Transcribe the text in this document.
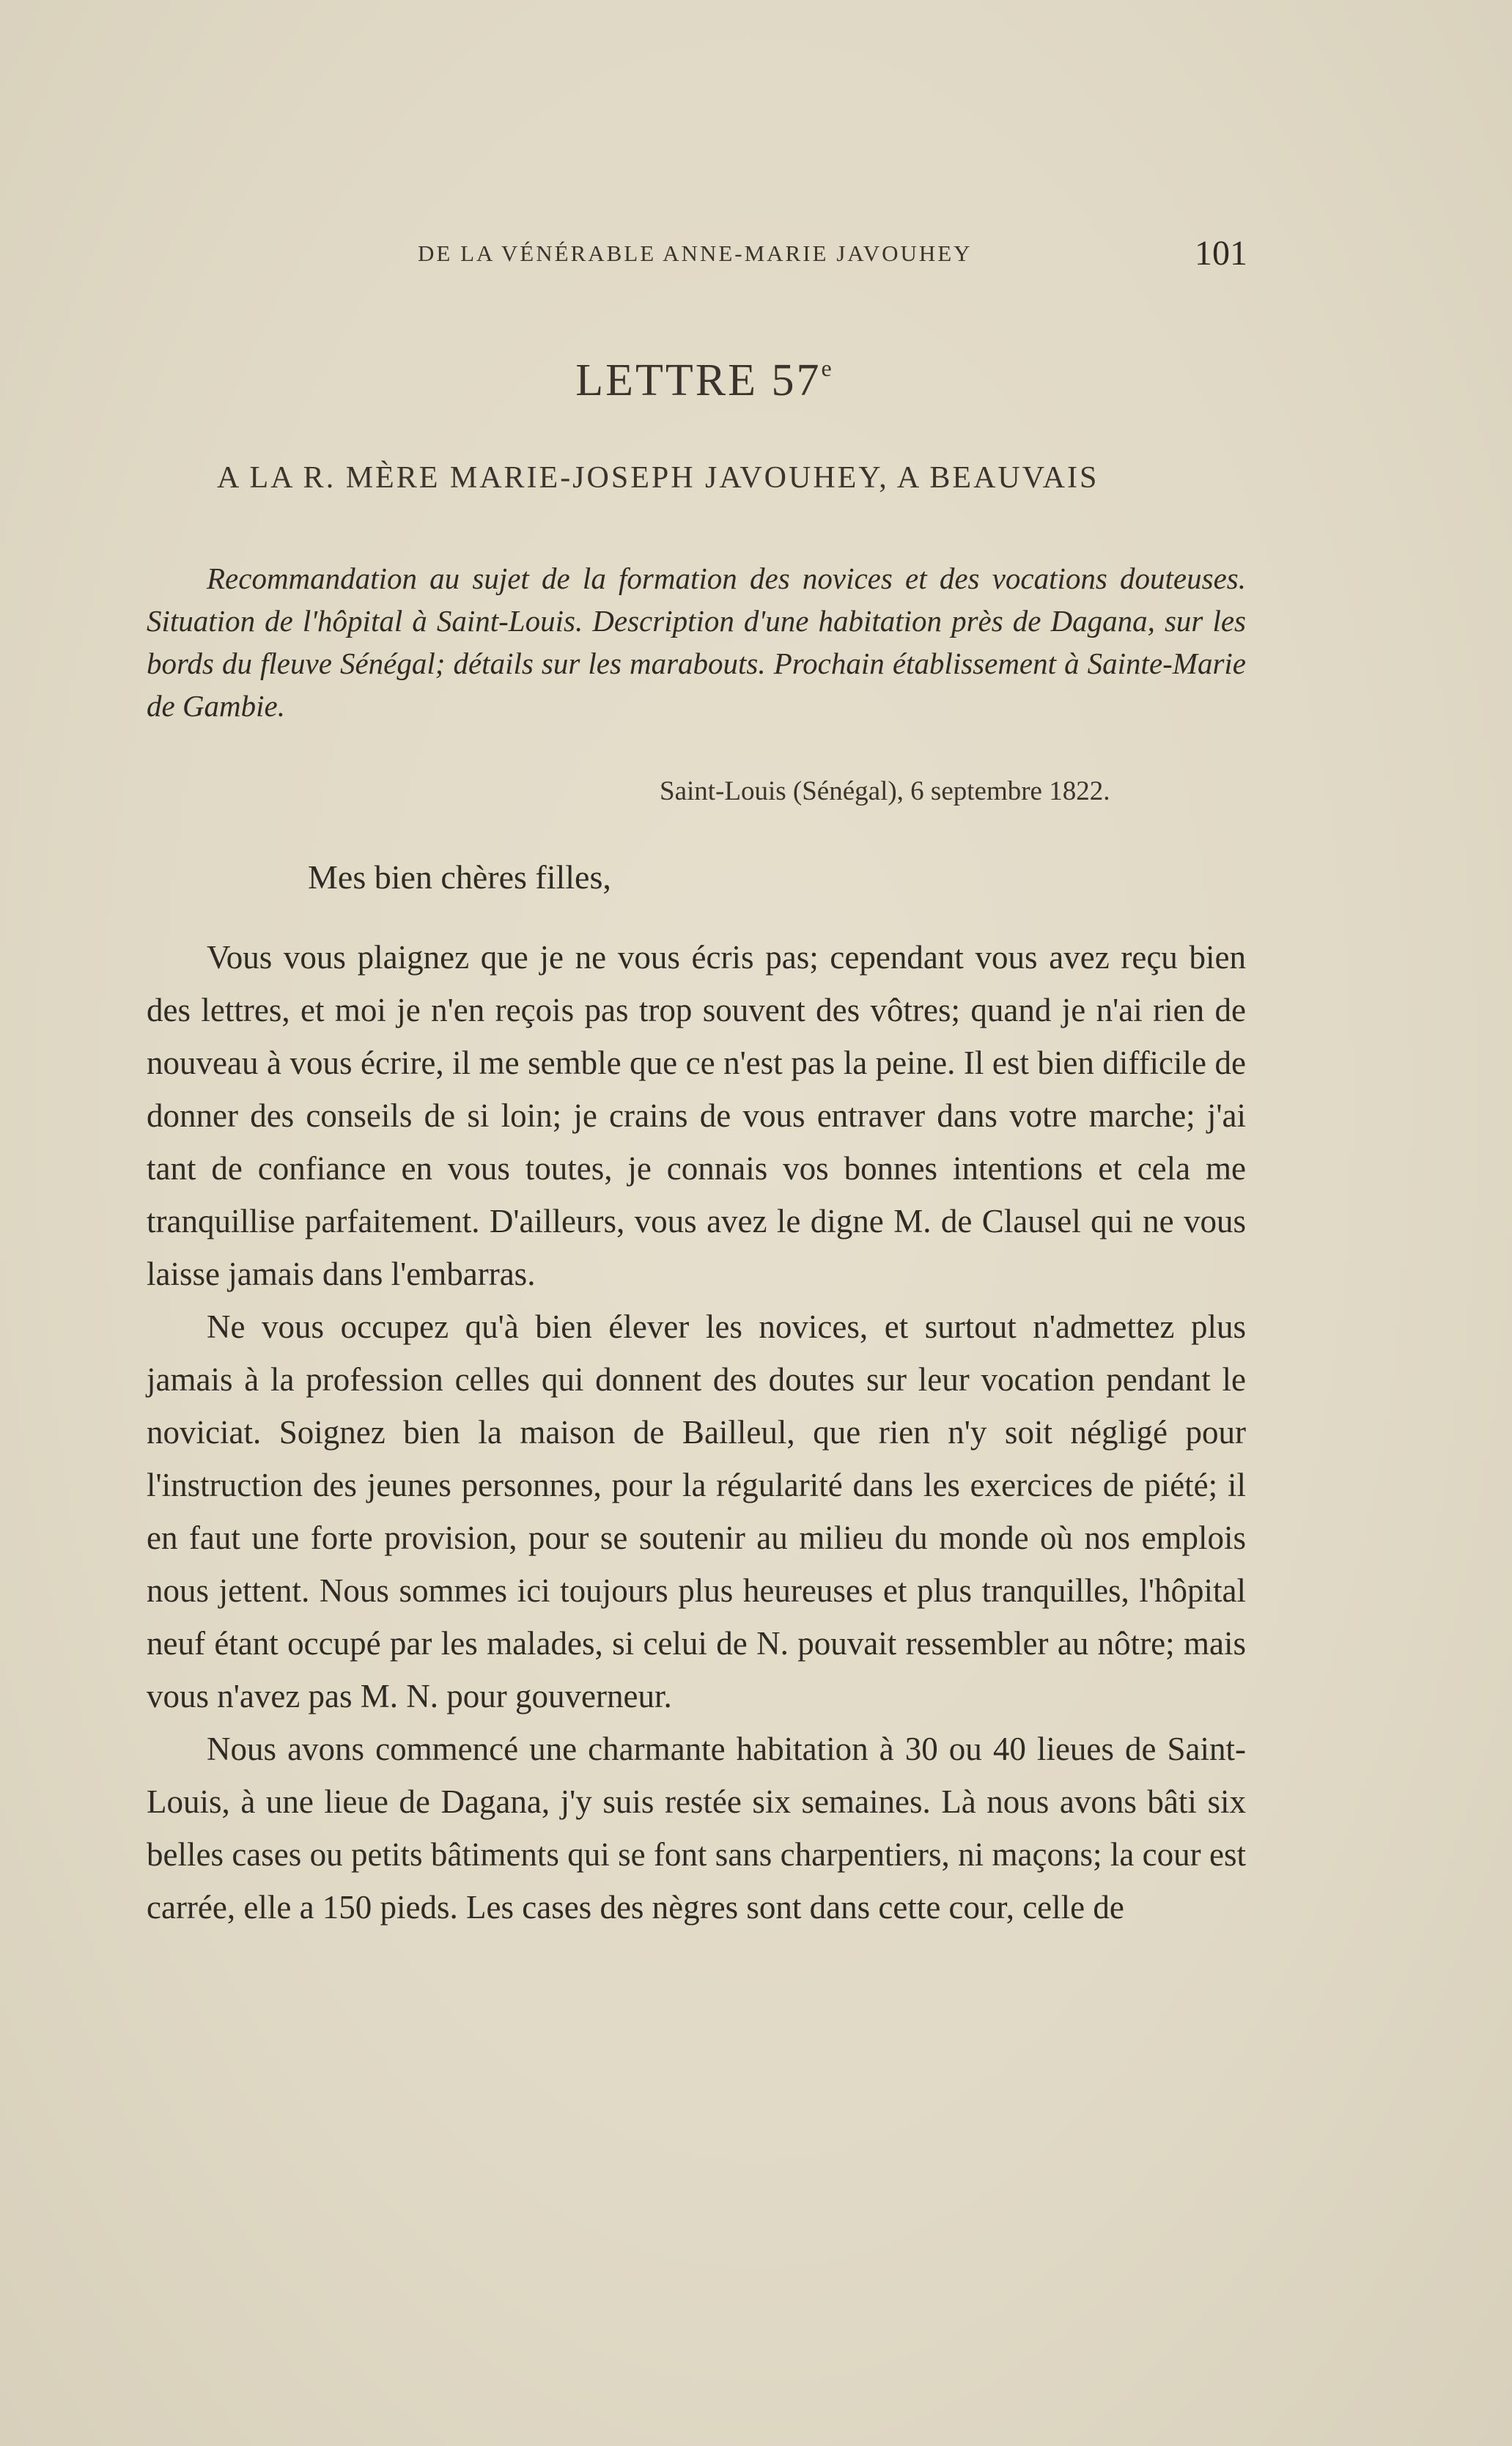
DE LA VÉNÉRABLE ANNE-MARIE JAVOUHEY	101
LETTRE 57e
A LA R. MÈRE MARIE-JOSEPH JAVOUHEY, A BEAUVAIS
Recommandation au sujet de la formation des novices et des vocations douteuses. Situation de l'hôpital à Saint-Louis. Description d'une habitation près de Dagana, sur les bords du fleuve Sénégal; détails sur les marabouts. Prochain établissement à Sainte-Marie de Gambie.
Saint-Louis (Sénégal), 6 septembre 1822.
Mes bien chères filles,

Vous vous plaignez que je ne vous écris pas; cependant vous avez reçu bien des lettres, et moi je n'en reçois pas trop souvent des vôtres; quand je n'ai rien de nouveau à vous écrire, il me semble que ce n'est pas la peine. Il est bien difficile de donner des conseils de si loin; je crains de vous entraver dans votre marche; j'ai tant de confiance en vous toutes, je connais vos bonnes intentions et cela me tranquillise parfaitement. D'ailleurs, vous avez le digne M. de Clausel qui ne vous laisse jamais dans l'embarras.

Ne vous occupez qu'à bien élever les novices, et surtout n'admettez plus jamais à la profession celles qui donnent des doutes sur leur vocation pendant le noviciat. Soignez bien la maison de Bailleul, que rien n'y soit négligé pour l'instruction des jeunes personnes, pour la régularité dans les exercices de piété; il en faut une forte provision, pour se soutenir au milieu du monde où nos emplois nous jettent. Nous sommes ici toujours plus heureuses et plus tranquilles, l'hôpital neuf étant occupé par les malades, si celui de N. pouvait ressembler au nôtre; mais vous n'avez pas M. N. pour gouverneur.

Nous avons commencé une charmante habitation à 30 ou 40 lieues de Saint-Louis, à une lieue de Dagana, j'y suis restée six semaines. Là nous avons bâti six belles cases ou petits bâtiments qui se font sans charpentiers, ni maçons; la cour est carrée, elle a 150 pieds. Les cases des nègres sont dans cette cour, celle de
